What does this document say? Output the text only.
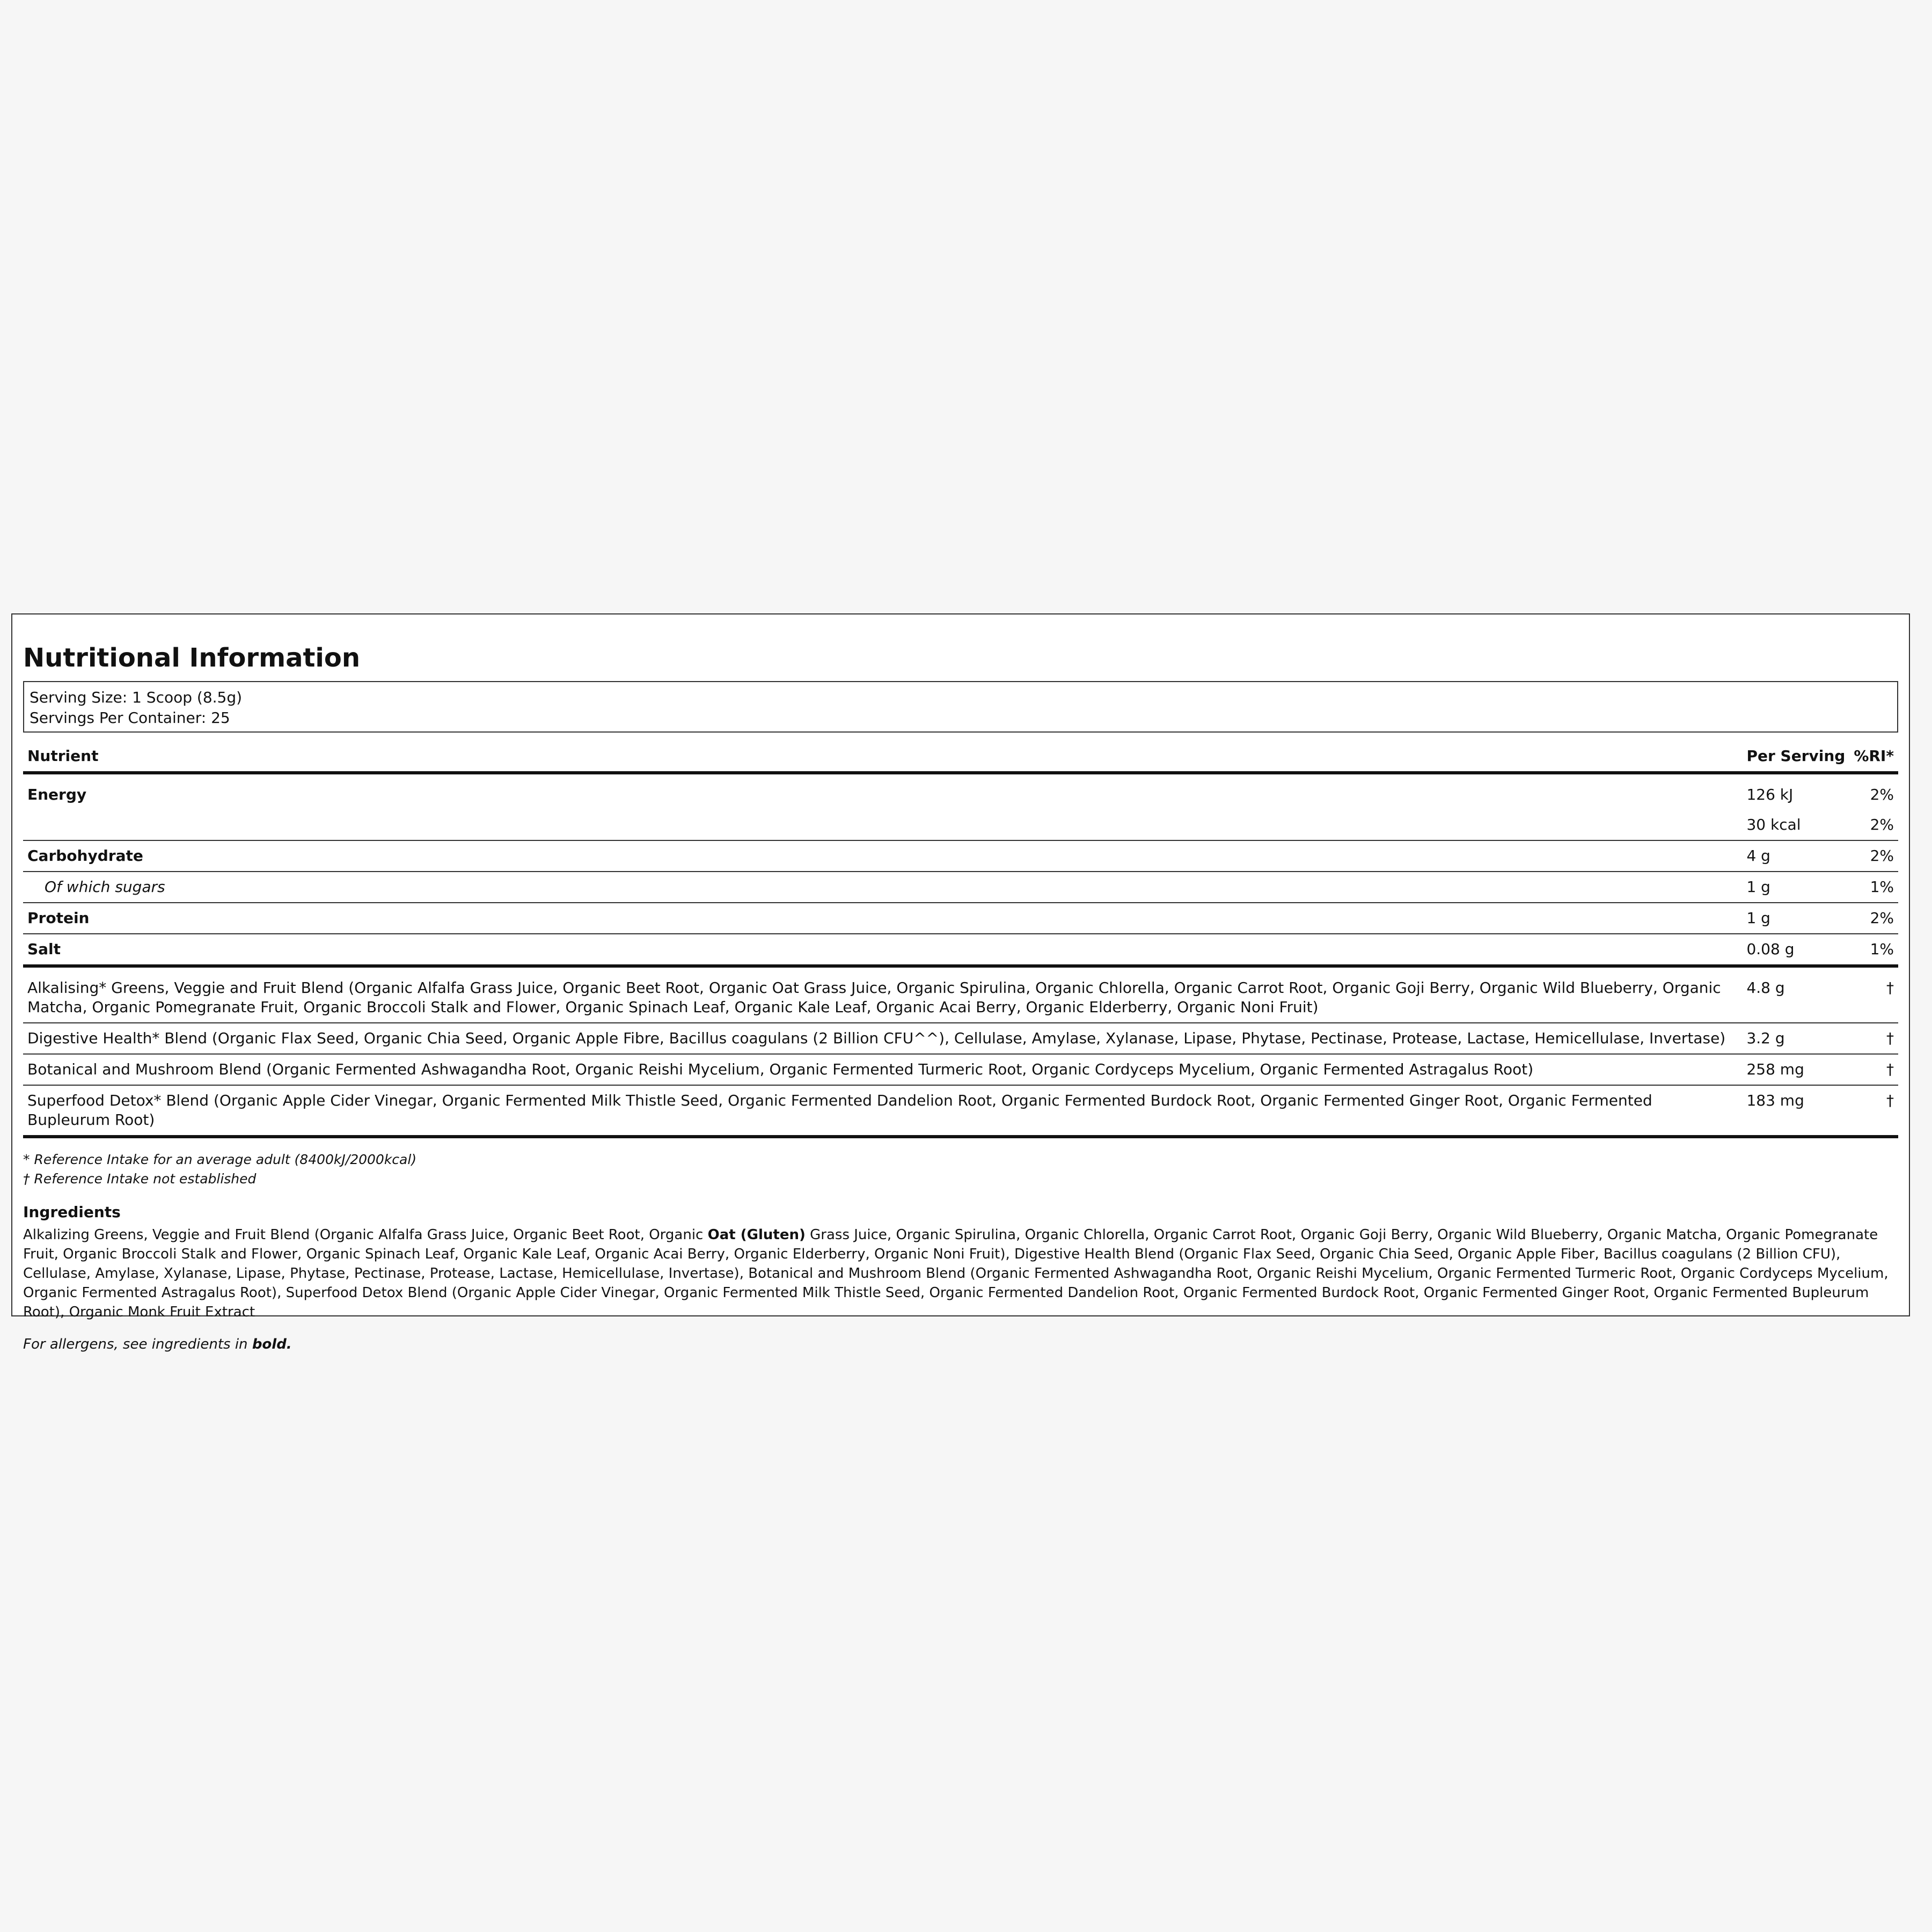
Nutritional Information
Serving Size: 1 Scoop (8.5g)
Servings Per Container: 25
Nutrient	Per Serving	%RI*
Energy	126 kJ	2%
	30 kcal	2%
Carbohydrate	4 g	2%
Of which sugars	1 g	1%
Protein	1 g	2%
Salt	0.08 g	1%
Alkalising* Greens, Veggie and Fruit Blend (Organic Alfalfa Grass Juice, Organic Beet Root, Organic Oat Grass Juice, Organic Spirulina, Organic Chlorella, Organic Carrot Root, Organic Goji Berry, Organic Wild Blueberry, Organic Matcha, Organic Pomegranate Fruit, Organic Broccoli Stalk and Flower, Organic Spinach Leaf, Organic Kale Leaf, Organic Acai Berry, Organic Elderberry, Organic Noni Fruit)	4.8 g	†
Digestive Health* Blend (Organic Flax Seed, Organic Chia Seed, Organic Apple Fibre, Bacillus coagulans (2 Billion CFU^^), Cellulase, Amylase, Xylanase, Lipase, Phytase, Pectinase, Protease, Lactase, Hemicellulase, Invertase)	3.2 g	†
Botanical and Mushroom Blend (Organic Fermented Ashwagandha Root, Organic Reishi Mycelium, Organic Fermented Turmeric Root, Organic Cordyceps Mycelium, Organic Fermented Astragalus Root)	258 mg	†
Superfood Detox* Blend (Organic Apple Cider Vinegar, Organic Fermented Milk Thistle Seed, Organic Fermented Dandelion Root, Organic Fermented Burdock Root, Organic Fermented Ginger Root, Organic Fermented Bupleurum Root)	183 mg	†
* Reference Intake for an average adult (8400kJ/2000kcal)
† Reference Intake not established
Ingredients
Alkalizing Greens, Veggie and Fruit Blend (Organic Alfalfa Grass Juice, Organic Beet Root, Organic Oat (Gluten) Grass Juice, Organic Spirulina, Organic Chlorella, Organic Carrot Root, Organic Goji Berry, Organic Wild Blueberry, Organic Matcha, Organic Pomegranate Fruit, Organic Broccoli Stalk and Flower, Organic Spinach Leaf, Organic Kale Leaf, Organic Acai Berry, Organic Elderberry, Organic Noni Fruit), Digestive Health Blend (Organic Flax Seed, Organic Chia Seed, Organic Apple Fiber, Bacillus coagulans (2 Billion CFU), Cellulase, Amylase, Xylanase, Lipase, Phytase, Pectinase, Protease, Lactase, Hemicellulase, Invertase), Botanical and Mushroom Blend (Organic Fermented Ashwagandha Root, Organic Reishi Mycelium, Organic Fermented Turmeric Root, Organic Cordyceps Mycelium, Organic Fermented Astragalus Root), Superfood Detox Blend (Organic Apple Cider Vinegar, Organic Fermented Milk Thistle Seed, Organic Fermented Dandelion Root, Organic Fermented Burdock Root, Organic Fermented Ginger Root, Organic Fermented Bupleurum Root), Organic Monk Fruit Extract
For allergens, see ingredients in bold.
